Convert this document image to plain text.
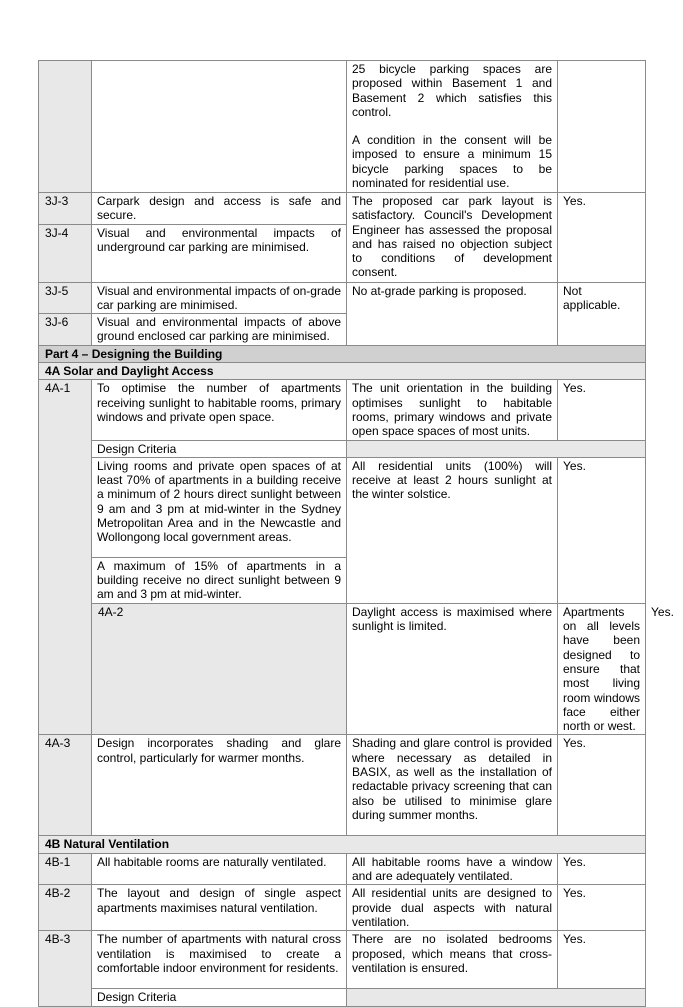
		25 bicycle parking spaces are proposed within Basement 1 and Basement 2 which satisfies this control.
A condition in the consent will be imposed to ensure a minimum 15 bicycle parking spaces to be nominated for residential use.		

3J-3	Carpark design and access is safe and secure.	The proposed car park layout is satisfactory. Council's Development Engineer has assessed the proposal and has raised no objection subject to conditions of development consent.	Yes.	
3J-4	Visual and environmental impacts of underground car parking are minimised.			
3J-5	Visual and environmental impacts of on-grade car parking are minimised.	No at-grade parking is proposed.	Not applicable.	
3J-6	Visual and environmental impacts of above ground enclosed car parking are minimised.			
Part 4 – Designing the Building				
4A Solar and Daylight Access				
4A-1	To optimise the number of apartments receiving sunlight to habitable rooms, primary windows and private open space.	The unit orientation in the building optimises sunlight to habitable rooms, primary windows and private open space spaces of most units.	Yes.	
	Design Criteria			
	Living rooms and private open spaces of at least 70% of apartments in a building receive a minimum of 2 hours direct sunlight between 9 am and 3 pm at mid-winter in the Sydney Metropolitan Area and in the Newcastle and Wollongong local government areas.	All residential units (100%) will receive at least 2 hours sunlight at the winter solstice.	Yes.	
	A maximum of 15% of apartments in a building receive no direct sunlight between 9 am and 3 pm at mid-winter.			
	4A-2	Daylight access is maximised where sunlight is limited.	Apartments on all levels have been designed to ensure that most living room windows face either north or west.	Yes.
4A-3	Design incorporates shading and glare control, particularly for warmer months.	Shading and glare control is provided where necessary as detailed in BASIX, as well as the installation of redactable privacy screening that can also be utilised to minimise glare during summer months.	Yes.	
4B Natural Ventilation				
4B-1	All habitable rooms are naturally ventilated.	All habitable rooms have a window and are adequately ventilated.	Yes.	
4B-2	The layout and design of single aspect apartments maximises natural ventilation.	All residential units are designed to provide dual aspects with natural ventilation.	Yes.	
4B-3	The number of apartments with natural cross ventilation is maximised to create a comfortable indoor environment for residents.	There are no isolated bedrooms proposed, which means that cross-ventilation is ensured.	Yes.	
	Design Criteria			
